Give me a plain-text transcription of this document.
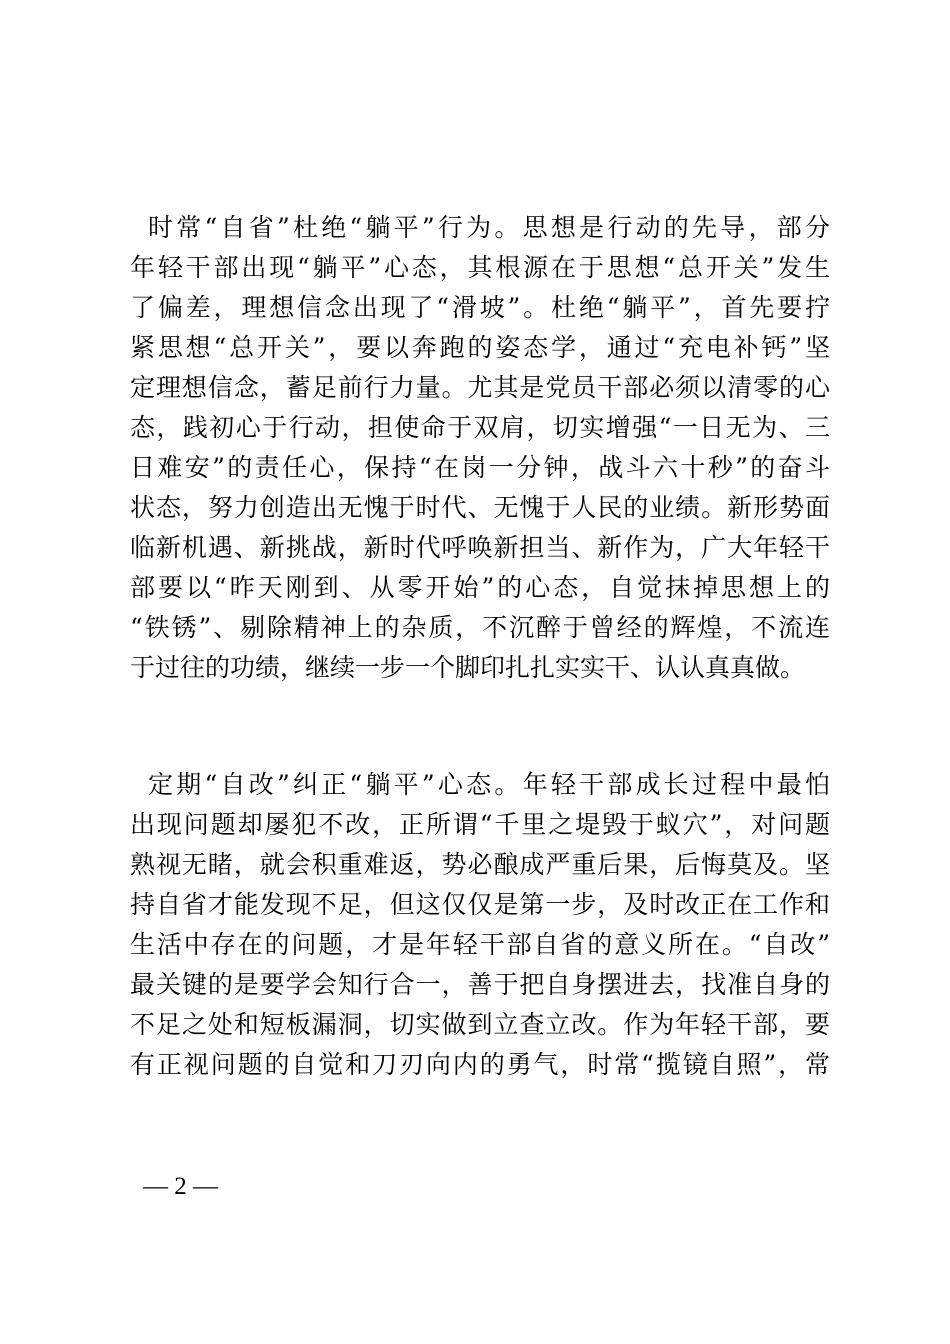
时常“自省”杜绝“躺平”行为。思想是行动的先导，部分
年轻干部出现“躺平”心态，其根源在于思想“总开关”发生
了偏差，理想信念出现了“滑坡”。杜绝“躺平”，首先要拧
紧思想“总开关”，要以奔跑的姿态学，通过“充电补钙”坚
定理想信念，蓄足前行力量。尤其是党员干部必须以清零的心
态，践初心于行动，担使命于双肩，切实增强“一日无为、三
日难安”的责任心，保持“在岗一分钟，战斗六十秒”的奋斗
状态，努力创造出无愧于时代、无愧于人民的业绩。新形势面
临新机遇、新挑战，新时代呼唤新担当、新作为，广大年轻干
部要以“昨天刚到、从零开始”的心态，自觉抹掉思想上的
“铁锈”、剔除精神上的杂质，不沉醉于曾经的辉煌，不流连
于过往的功绩，继续一步一个脚印扎扎实实干、认认真真做。
定期“自改”纠正“躺平”心态。年轻干部成长过程中最怕
出现问题却屡犯不改，正所谓“千里之堤毁于蚁穴”，对问题
熟视无睹，就会积重难返，势必酿成严重后果，后悔莫及。坚
持自省才能发现不足，但这仅仅是第一步，及时改正在工作和
生活中存在的问题，才是年轻干部自省的意义所在。“自改”
最关键的是要学会知行合一，善于把自身摆进去，找准自身的
不足之处和短板漏洞，切实做到立查立改。作为年轻干部，要
有正视问题的自觉和刀刃向内的勇气，时常“揽镜自照”，常
— 2 —
